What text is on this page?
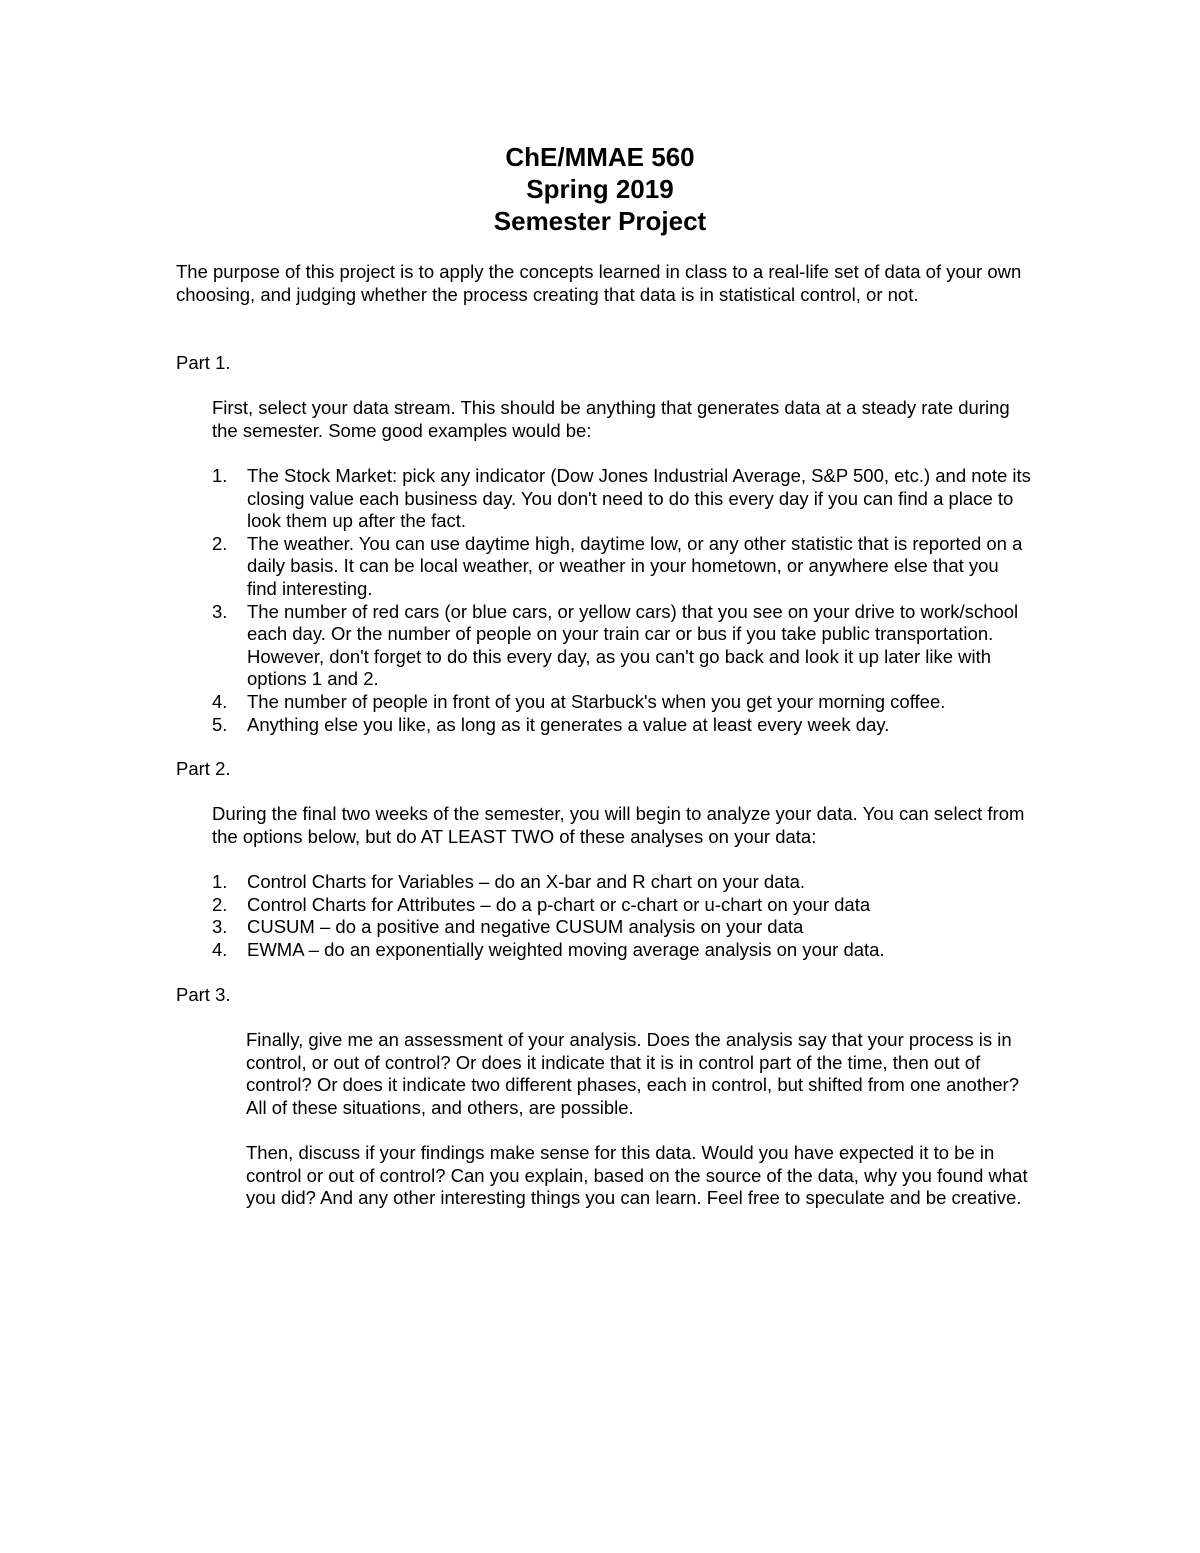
ChE/MMAE 560
Spring 2019
Semester Project

The purpose of this project is to apply the concepts learned in class to a real-life set of data of your own choosing, and judging whether the process creating that data is in statistical control, or not.

Part 1.

First, select your data stream. This should be anything that generates data at a steady rate during the semester. Some good examples would be:

1. The Stock Market: pick any indicator (Dow Jones Industrial Average, S&P 500, etc.) and note its closing value each business day. You don't need to do this every day if you can find a place to look them up after the fact.
2. The weather. You can use daytime high, daytime low, or any other statistic that is reported on a daily basis. It can be local weather, or weather in your hometown, or anywhere else that you find interesting.
3. The number of red cars (or blue cars, or yellow cars) that you see on your drive to work/school each day. Or the number of people on your train car or bus if you take public transportation. However, don't forget to do this every day, as you can't go back and look it up later like with options 1 and 2.
4. The number of people in front of you at Starbuck's when you get your morning coffee.
5. Anything else you like, as long as it generates a value at least every week day.

Part 2.

During the final two weeks of the semester, you will begin to analyze your data. You can select from the options below, but do AT LEAST TWO of these analyses on your data:

1. Control Charts for Variables – do an X-bar and R chart on your data.
2. Control Charts for Attributes – do a p-chart or c-chart or u-chart on your data
3. CUSUM – do a positive and negative CUSUM analysis on your data
4. EWMA – do an exponentially weighted moving average analysis on your data.

Part 3.

Finally, give me an assessment of your analysis. Does the analysis say that your process is in control, or out of control? Or does it indicate that it is in control part of the time, then out of control? Or does it indicate two different phases, each in control, but shifted from one another? All of these situations, and others, are possible.

Then, discuss if your findings make sense for this data. Would you have expected it to be in control or out of control? Can you explain, based on the source of the data, why you found what you did? And any other interesting things you can learn. Feel free to speculate and be creative.
